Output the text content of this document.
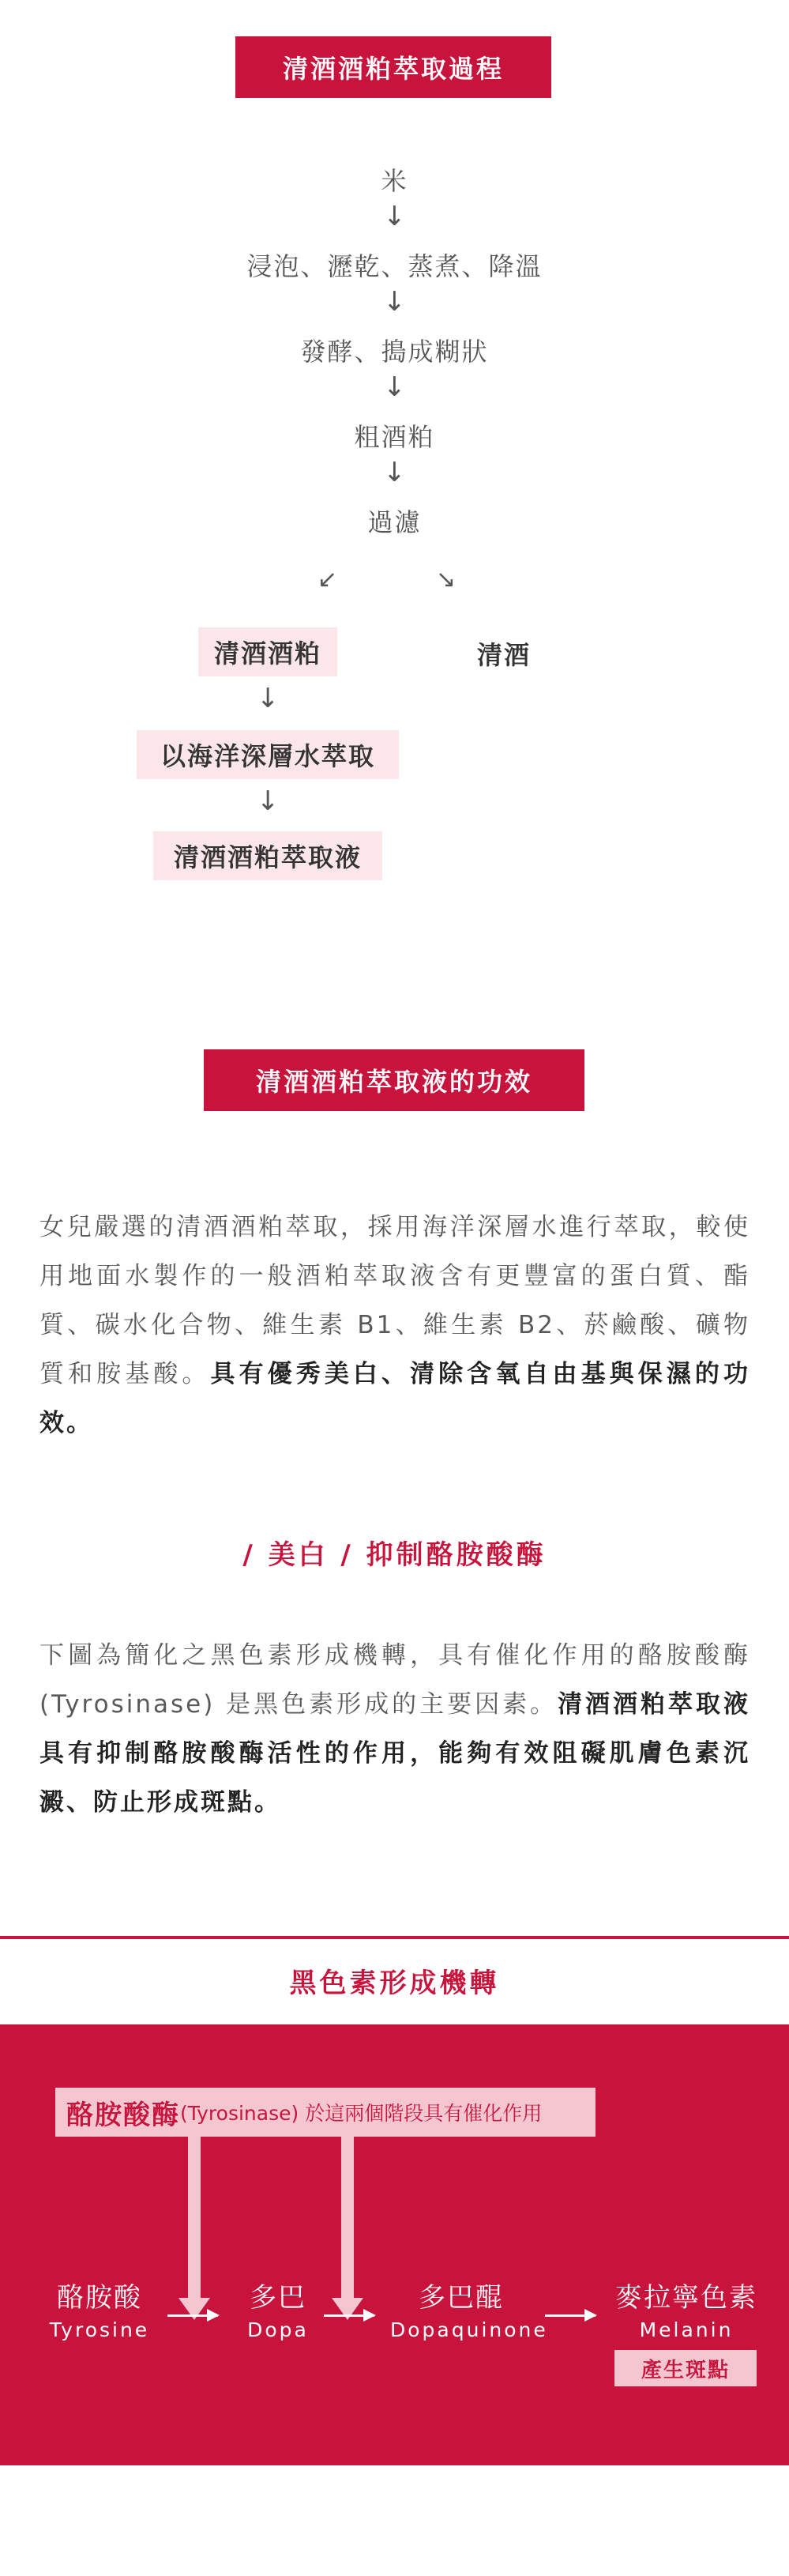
清酒酒粕萃取過程
米
↓
浸泡、瀝乾、蒸煮、降溫
↓
發酵、搗成糊狀
↓
粗酒粕
↓
過濾
↙	↘
清酒酒粕	清酒
↓
以海洋深層水萃取
↓
清酒酒粕萃取液
清酒酒粕萃取液的功效
女兒嚴選的清酒酒粕萃取，採用海洋深層水進行萃取，較使用地面水製作的一般酒粕萃取液含有更豐富的蛋白質、酯質、碳水化合物、維生素 B1、維生素 B2、菸鹼酸、礦物質和胺基酸。具有優秀美白、清除含氧自由基與保濕的功效。
/ 美白 / 抑制酪胺酸酶
下圖為簡化之黑色素形成機轉，具有催化作用的酪胺酸酶 (Tyrosinase) 是黑色素形成的主要因素。清酒酒粕萃取液具有抑制酪胺酸酶活性的作用，能夠有效阻礙肌膚色素沉澱、防止形成斑點。
黑色素形成機轉
酪胺酸酶 (Tyrosinase) 於這兩個階段具有催化作用
酪胺酸
Tyrosine
多巴
Dopa
多巴醌
Dopaquinone
麥拉寧色素
Melanin
產生斑點
